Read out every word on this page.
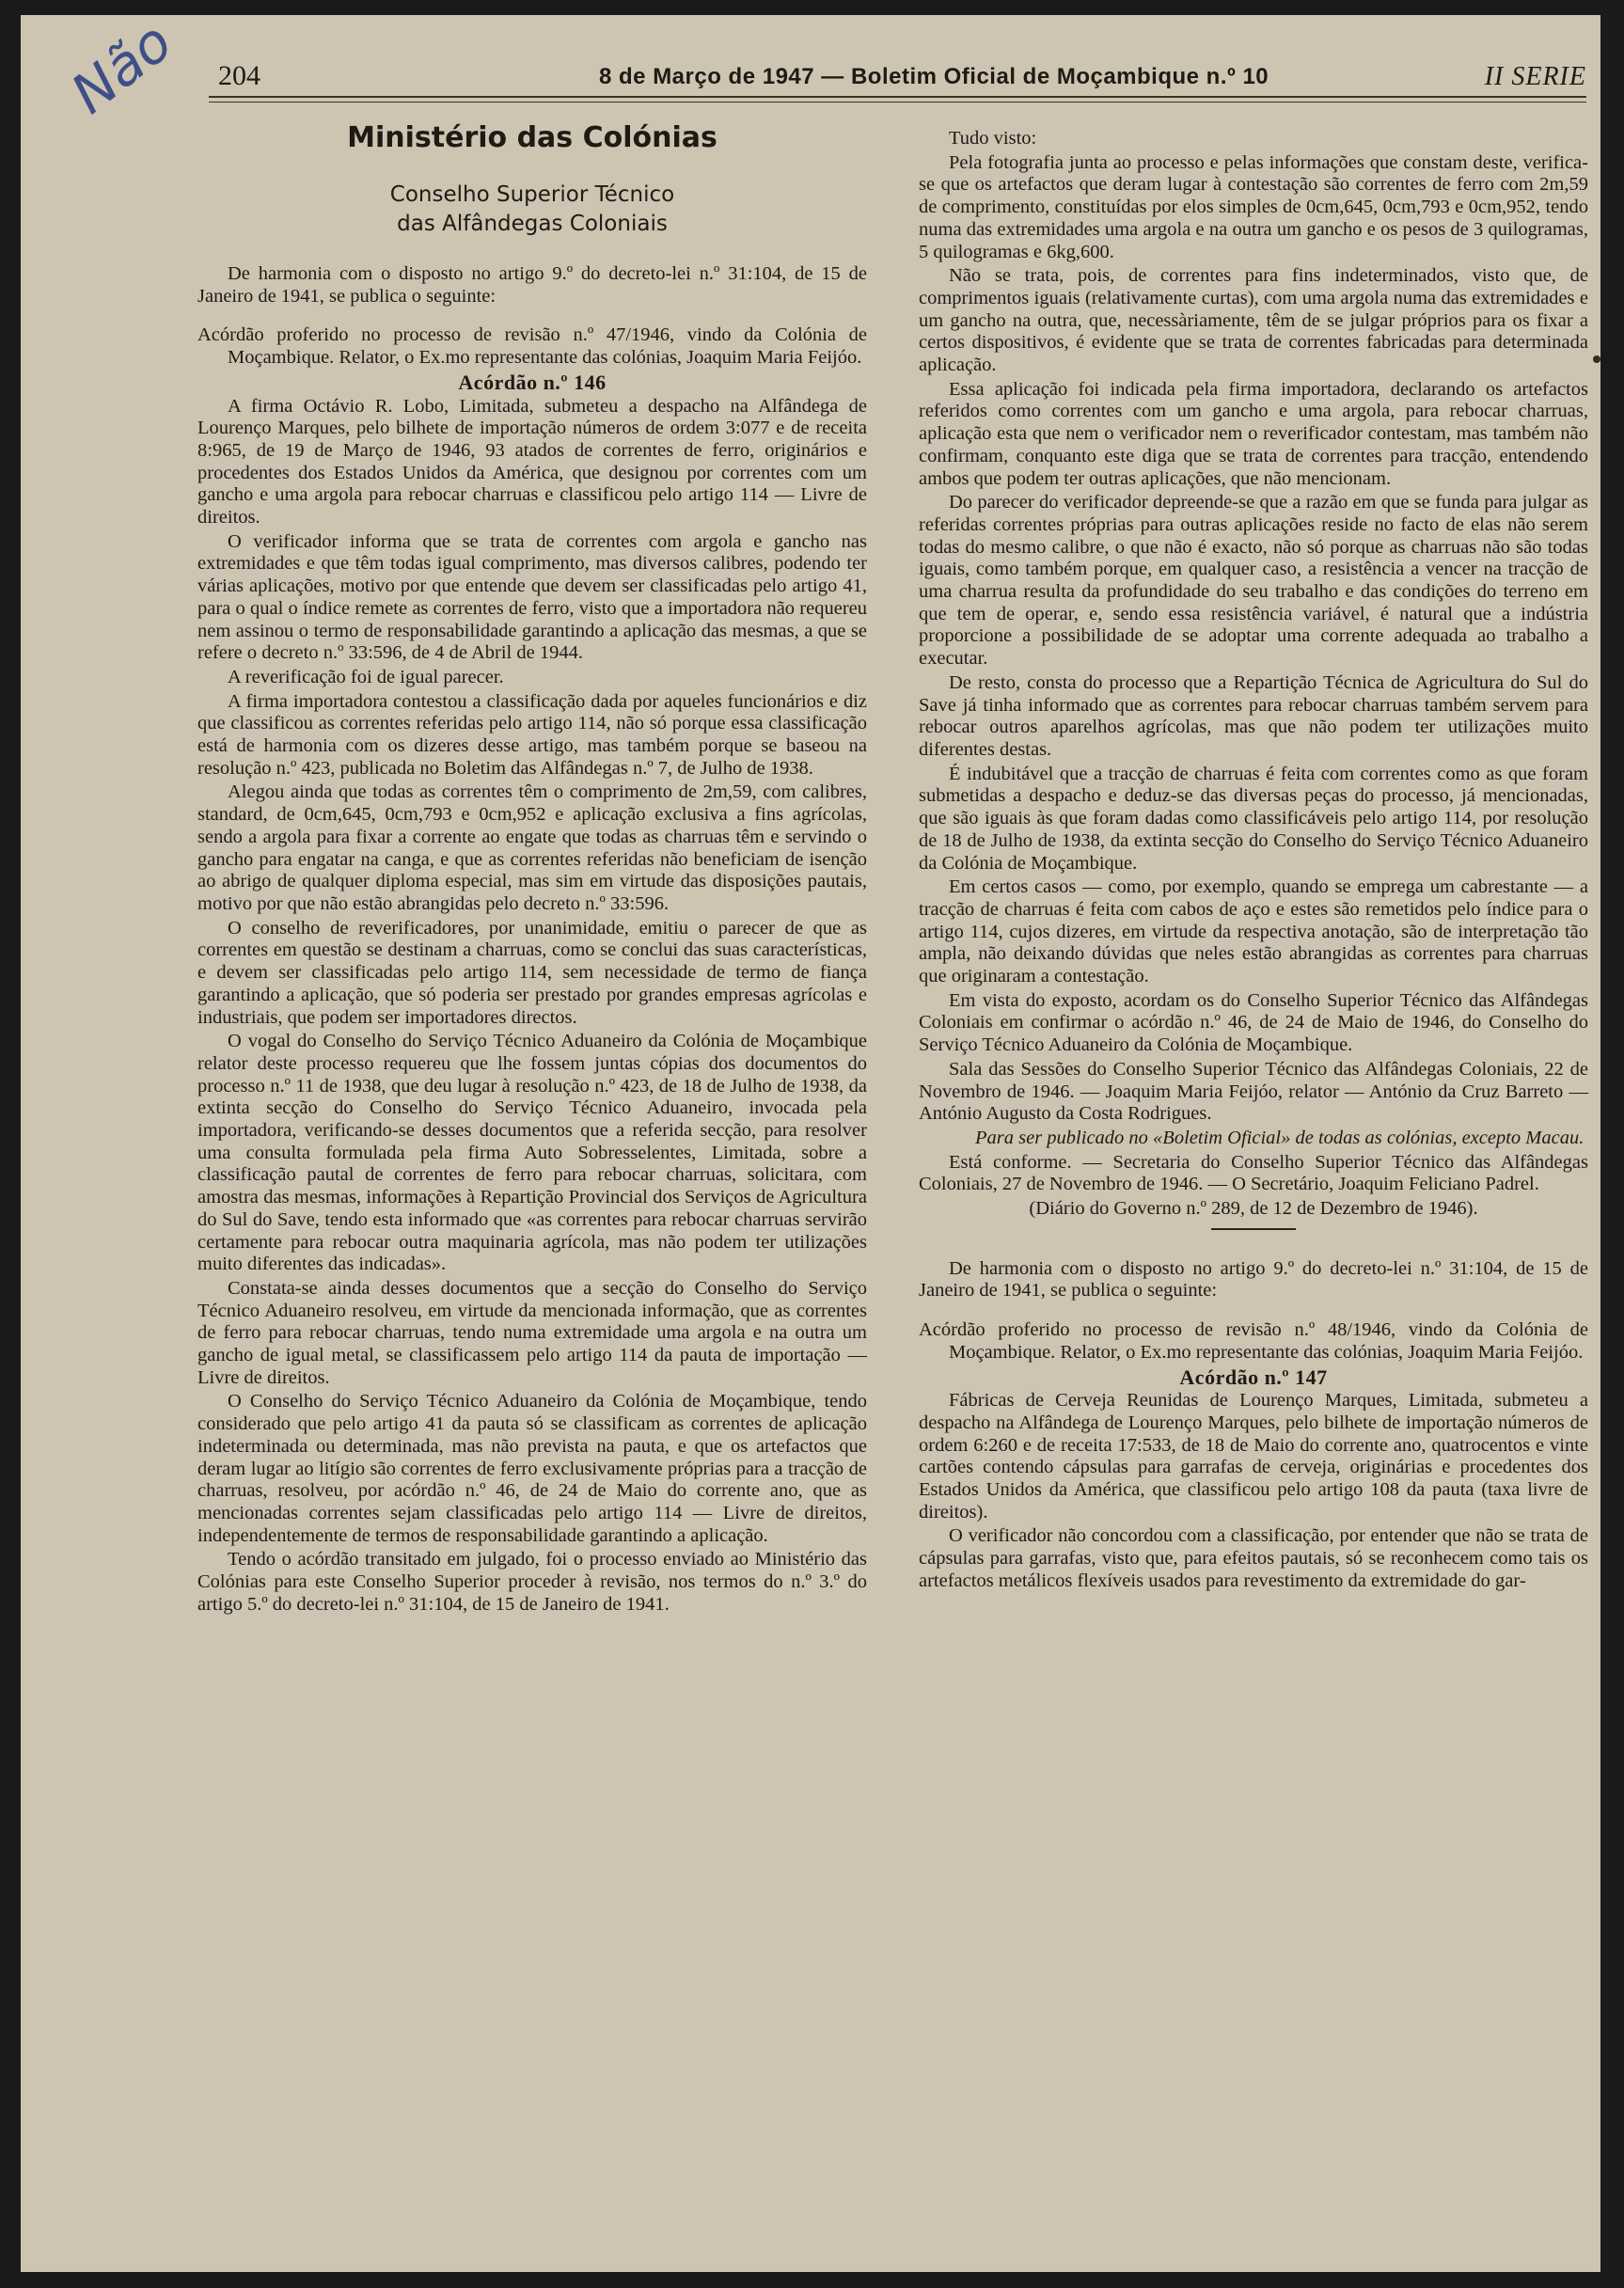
Não 204	8 de Março de 1947 — Boletim Oficial de Moçambique n.º 10	II SERIE
Ministério das Colónias
Conselho Superior Técnico
das Alfândegas Coloniais

De harmonia com o disposto no artigo 9.º do decreto-lei n.º 31:104, de 15 de Janeiro de 1941, se publica o seguinte:

Acórdão proferido no processo de revisão n.º 47/1946, vindo da Colónia de Moçambique. Relator, o Ex.mo representante das colónias, Joaquim Maria Feijóo.

Acórdão n.º 146

A firma Octávio R. Lobo, Limitada, submeteu a despacho na Alfândega de Lourenço Marques, pelo bilhete de importação números de ordem 3:077 e de receita 8:965, de 19 de Março de 1946, 93 atados de correntes de ferro, originários e procedentes dos Estados Unidos da América, que designou por correntes com um gancho e uma argola para rebocar charruas e classificou pelo artigo 114 — Livre de direitos.

O verificador informa que se trata de correntes com argola e gancho nas extremidades e que têm todas igual comprimento, mas diversos calibres, podendo ter várias aplicações, motivo por que entende que devem ser classificadas pelo artigo 41, para o qual o índice remete as correntes de ferro, visto que a importadora não requereu nem assinou o termo de responsabilidade garantindo a aplicação das mesmas, a que se refere o decreto n.º 33:596, de 4 de Abril de 1944.

A reverificação foi de igual parecer.

A firma importadora contestou a classificação dada por aqueles funcionários e diz que classificou as correntes referidas pelo artigo 114, não só porque essa classificação está de harmonia com os dizeres desse artigo, mas também porque se baseou na resolução n.º 423, publicada no Boletim das Alfândegas n.º 7, de Julho de 1938.

Alegou ainda que todas as correntes têm o comprimento de 2m,59, com calibres, standard, de 0cm,645, 0cm,793 e 0cm,952 e aplicação exclusiva a fins agrícolas, sendo a argola para fixar a corrente ao engate que todas as charruas têm e servindo o gancho para engatar na canga, e que as correntes referidas não beneficiam de isenção ao abrigo de qualquer diploma especial, mas sim em virtude das disposições pautais, motivo por que não estão abrangidas pelo decreto n.º 33:596.

O conselho de reverificadores, por unanimidade, emitiu o parecer de que as correntes em questão se destinam a charruas, como se conclui das suas características, e devem ser classificadas pelo artigo 114, sem necessidade de termo de fiança garantindo a aplicação, que só poderia ser prestado por grandes empresas agrícolas e industriais, que podem ser importadores directos.

O vogal do Conselho do Serviço Técnico Aduaneiro da Colónia de Moçambique relator deste processo requereu que lhe fossem juntas cópias dos documentos do processo n.º 11 de 1938, que deu lugar à resolução n.º 423, de 18 de Julho de 1938, da extinta secção do Conselho do Serviço Técnico Aduaneiro, invocada pela importadora, verificando-se desses documentos que a referida secção, para resolver uma consulta formulada pela firma Auto Sobresselentes, Limitada, sobre a classificação pautal de correntes de ferro para rebocar charruas, solicitara, com amostra das mesmas, informações à Repartição Provincial dos Serviços de Agricultura do Sul do Save, tendo esta informado que «as correntes para rebocar charruas servirão certamente para rebocar outra maquinaria agrícola, mas não podem ter utilizações muito diferentes das indicadas».

Constata-se ainda desses documentos que a secção do Conselho do Serviço Técnico Aduaneiro resolveu, em virtude da mencionada informação, que as correntes de ferro para rebocar charruas, tendo numa extremidade uma argola e na outra um gancho de igual metal, se classificassem pelo artigo 114 da pauta de importação — Livre de direitos.

O Conselho do Serviço Técnico Aduaneiro da Colónia de Moçambique, tendo considerado que pelo artigo 41 da pauta só se classificam as correntes de aplicação indeterminada ou determinada, mas não prevista na pauta, e que os artefactos que deram lugar ao litígio são correntes de ferro exclusivamente próprias para a tracção de charruas, resolveu, por acórdão n.º 46, de 24 de Maio do corrente ano, que as mencionadas correntes sejam classificadas pelo artigo 114 — Livre de direitos, independentemente de termos de responsabilidade garantindo a aplicação.

Tendo o acórdão transitado em julgado, foi o processo enviado ao Ministério das Colónias para este Conselho Superior proceder à revisão, nos termos do n.º 3.º do artigo 5.º do decreto-lei n.º 31:104, de 15 de Janeiro de 1941.

Tudo visto:

Pela fotografia junta ao processo e pelas informações que constam deste, verifica-se que os artefactos que deram lugar à contestação são correntes de ferro com 2m,59 de comprimento, constituídas por elos simples de 0cm,645, 0cm,793 e 0cm,952, tendo numa das extremidades uma argola e na outra um gancho e os pesos de 3 quilogramas, 5 quilogramas e 6kg,600.

Não se trata, pois, de correntes para fins indeterminados, visto que, de comprimentos iguais (relativamente curtas), com uma argola numa das extremidades e um gancho na outra, que, necessàriamente, têm de se julgar próprios para os fixar a certos dispositivos, é evidente que se trata de correntes fabricadas para determinada aplicação.

Essa aplicação foi indicada pela firma importadora, declarando os artefactos referidos como correntes com um gancho e uma argola, para rebocar charruas, aplicação esta que nem o verificador nem o reverificador contestam, mas também não confirmam, conquanto este diga que se trata de correntes para tracção, entendendo ambos que podem ter outras aplicações, que não mencionam.

Do parecer do verificador depreende-se que a razão em que se funda para julgar as referidas correntes próprias para outras aplicações reside no facto de elas não serem todas do mesmo calibre, o que não é exacto, não só porque as charruas não são todas iguais, como também porque, em qualquer caso, a resistência a vencer na tracção de uma charrua resulta da profundidade do seu trabalho e das condições do terreno em que tem de operar, e, sendo essa resistência variável, é natural que a indústria proporcione a possibilidade de se adoptar uma corrente adequada ao trabalho a executar.

De resto, consta do processo que a Repartição Técnica de Agricultura do Sul do Save já tinha informado que as correntes para rebocar charruas também servem para rebocar outros aparelhos agrícolas, mas que não podem ter utilizações muito diferentes destas.

É indubitável que a tracção de charruas é feita com correntes como as que foram submetidas a despacho e deduz-se das diversas peças do processo, já mencionadas, que são iguais às que foram dadas como classificáveis pelo artigo 114, por resolução de 18 de Julho de 1938, da extinta secção do Conselho do Serviço Técnico Aduaneiro da Colónia de Moçambique.

Em certos casos — como, por exemplo, quando se emprega um cabrestante — a tracção de charruas é feita com cabos de aço e estes são remetidos pelo índice para o artigo 114, cujos dizeres, em virtude da respectiva anotação, são de interpretação tão ampla, não deixando dúvidas que neles estão abrangidas as correntes para charruas que originaram a contestação.

Em vista do exposto, acordam os do Conselho Superior Técnico das Alfândegas Coloniais em confirmar o acórdão n.º 46, de 24 de Maio de 1946, do Conselho do Serviço Técnico Aduaneiro da Colónia de Moçambique.

Sala das Sessões do Conselho Superior Técnico das Alfândegas Coloniais, 22 de Novembro de 1946. — Joaquim Maria Feijóo, relator — António da Cruz Barreto — António Augusto da Costa Rodrigues.

Para ser publicado no «Boletim Oficial» de todas as colónias, excepto Macau.

Está conforme. — Secretaria do Conselho Superior Técnico das Alfândegas Coloniais, 27 de Novembro de 1946. — O Secretário, Joaquim Feliciano Padrel.

(Diário do Governo n.º 289, de 12 de Dezembro de 1946).

De harmonia com o disposto no artigo 9.º do decreto-lei n.º 31:104, de 15 de Janeiro de 1941, se publica o seguinte:

Acórdão proferido no processo de revisão n.º 48/1946, vindo da Colónia de Moçambique. Relator, o Ex.mo representante das colónias, Joaquim Maria Feijóo.

Acórdão n.º 147

Fábricas de Cerveja Reunidas de Lourenço Marques, Limitada, submeteu a despacho na Alfândega de Lourenço Marques, pelo bilhete de importação números de ordem 6:260 e de receita 17:533, de 18 de Maio do corrente ano, quatrocentos e vinte cartões contendo cápsulas para garrafas de cerveja, originárias e procedentes dos Estados Unidos da América, que classificou pelo artigo 108 da pauta (taxa livre de direitos).

O verificador não concordou com a classificação, por entender que não se trata de cápsulas para garrafas, visto que, para efeitos pautais, só se reconhecem como tais os artefactos metálicos flexíveis usados para revestimento da extremidade do gar-
